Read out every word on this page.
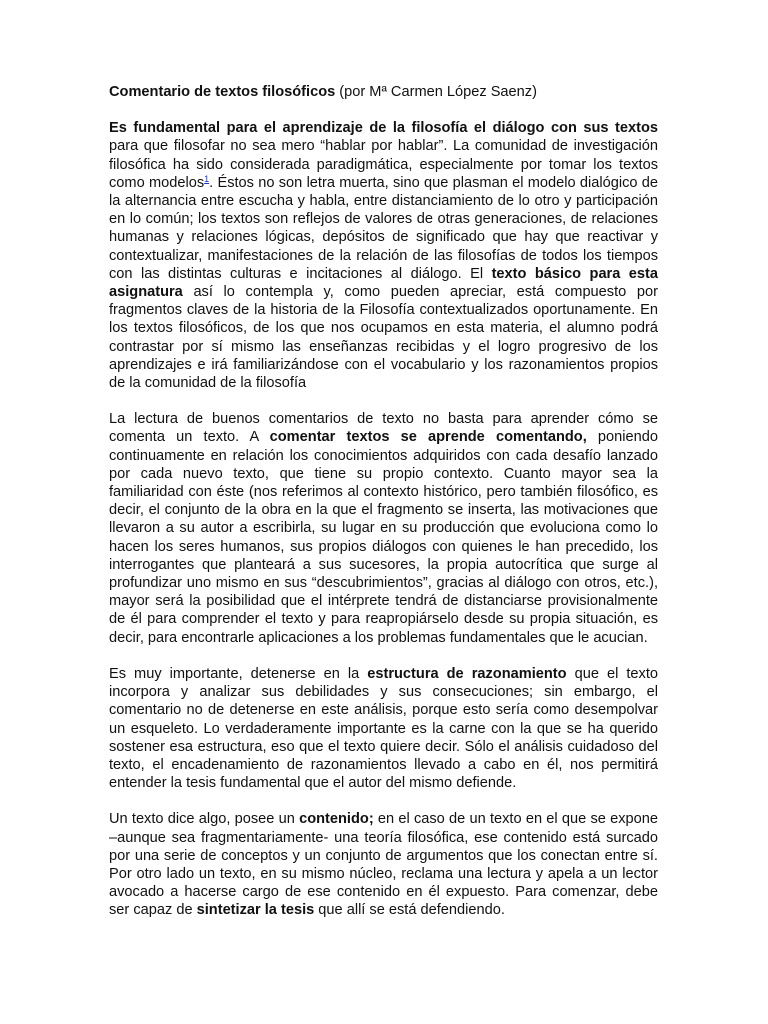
Comentario de textos filosóficos (por Mª Carmen López Saenz)

Es fundamental para el aprendizaje de la filosofía el diálogo con sus textos para que filosofar no sea mero “hablar por hablar”. La comunidad de investigación filosófica ha sido considerada paradigmática, especialmente por tomar los textos como modelos$^1$. Éstos no son letra muerta, sino que plasman el modelo dialógico de la alternancia entre escucha y habla, entre distanciamiento de lo otro y participación en lo común; los textos son reflejos de valores de otras generaciones, de relaciones humanas y relaciones lógicas, depósitos de significado que hay que reactivar y contextualizar, manifestaciones de la relación de las filosofías de todos los tiempos con las distintas culturas e incitaciones al diálogo. El texto básico para esta asignatura así lo contempla y, como pueden apreciar, está compuesto por fragmentos claves de la historia de la Filosofía contextualizados oportunamente. En los textos filosóficos, de los que nos ocupamos en esta materia, el alumno podrá contrastar por sí mismo las enseñanzas recibidas y el logro progresivo de los aprendizajes e irá familiarizándose con el vocabulario y los razonamientos propios de la comunidad de la filosofía

La lectura de buenos comentarios de texto no basta para aprender cómo se comenta un texto. A comentar textos se aprende comentando, poniendo continuamente en relación los conocimientos adquiridos con cada desafío lanzado por cada nuevo texto, que tiene su propio contexto. Cuanto mayor sea la familiaridad con éste (nos referimos al contexto histórico, pero también filosófico, es decir, el conjunto de la obra en la que el fragmento se inserta, las motivaciones que llevaron a su autor a escribirla, su lugar en su producción que evoluciona como lo hacen los seres humanos, sus propios diálogos con quienes le han precedido, los interrogantes que planteará a sus sucesores, la propia autocrítica que surge al profundizar uno mismo en sus “descubrimientos”, gracias al diálogo con otros, etc.), mayor será la posibilidad que el intérprete tendrá de distanciarse provisionalmente de él para comprender el texto y para reapropiárselo desde su propia situación, es decir, para encontrarle aplicaciones a los problemas fundamentales que le acucian.

Es muy importante, detenerse en la estructura de razonamiento que el texto incorpora y analizar sus debilidades y sus consecuciones; sin embargo, el comentario no de detenerse en este análisis, porque esto sería como desempolvar un esqueleto. Lo verdaderamente importante es la carne con la que se ha querido sostener esa estructura, eso que el texto quiere decir. Sólo el análisis cuidadoso del texto, el encadenamiento de razonamientos llevado a cabo en él, nos permitirá entender la tesis fundamental que el autor del mismo defiende.

Un texto dice algo, posee un contenido; en el caso de un texto en el que se expone –aunque sea fragmentariamente- una teoría filosófica, ese contenido está surcado por una serie de conceptos y un conjunto de argumentos que los conectan entre sí. Por otro lado un texto, en su mismo núcleo, reclama una lectura y apela a un lector avocado a hacerse cargo de ese contenido en él expuesto. Para comenzar, debe ser capaz de sintetizar la tesis que allí se está defendiendo.
